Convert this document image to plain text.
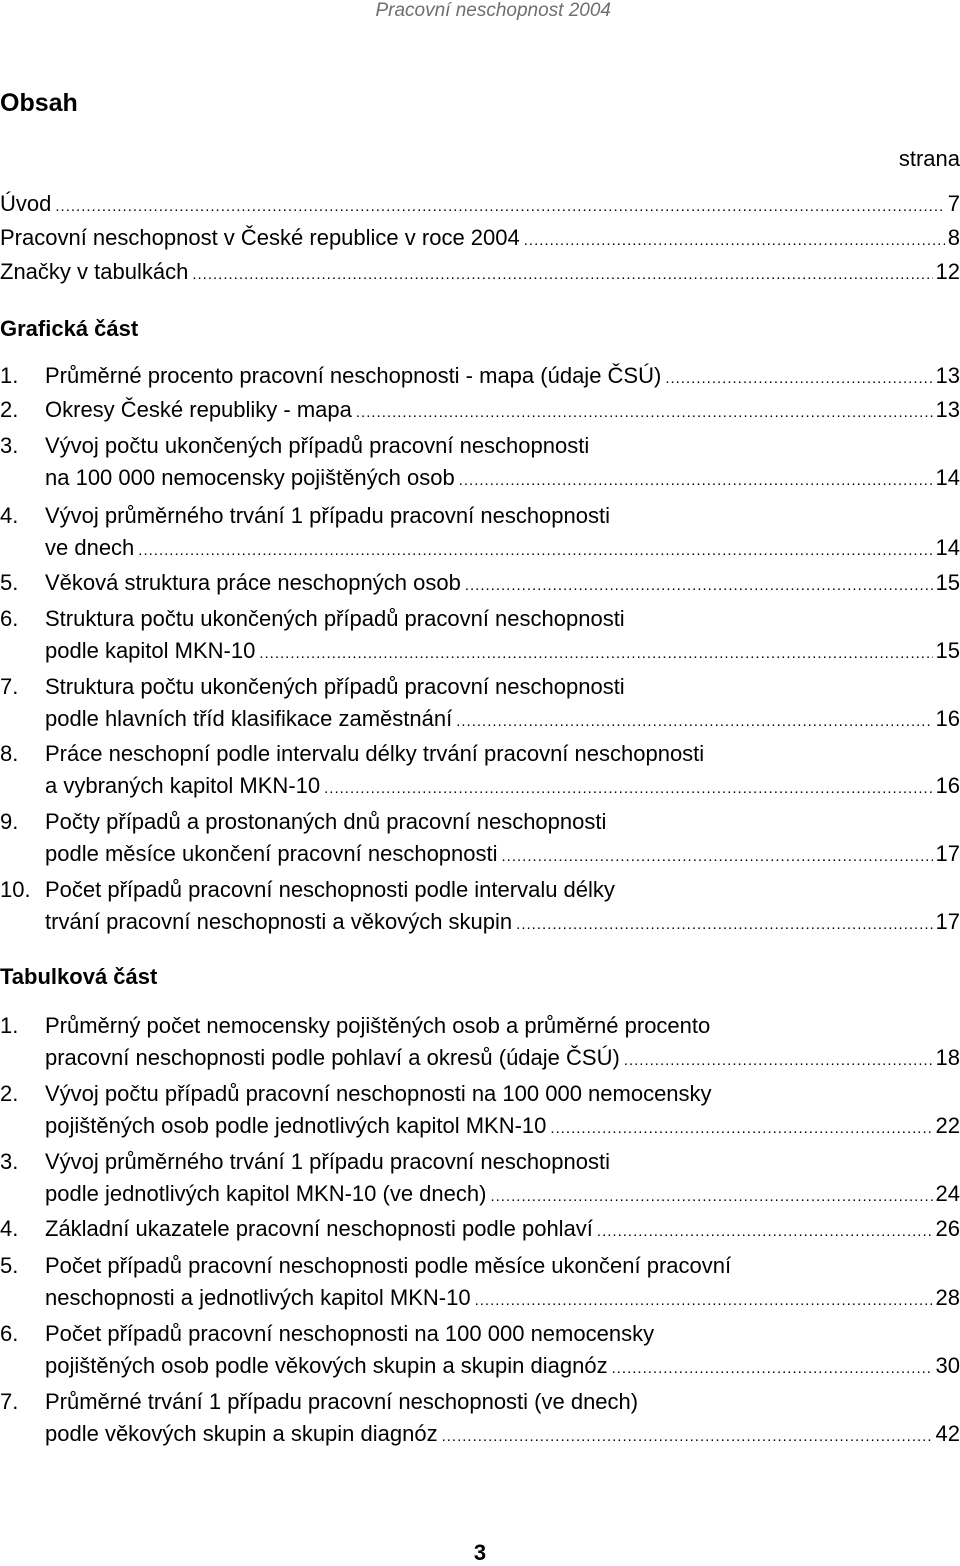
Pracovní neschopnost 2004
Obsah
strana
Úvod .....	7
Pracovní neschopnost v České republice v roce 2004 .....	8
Značky v tabulkách .....	12
Grafická část
1.	Průměrné procento pracovní neschopnosti - mapa (údaje ČSÚ) .....	13
2.	Okresy České republiky - mapa .....	13
3.	Vývoj počtu ukončených případů pracovní neschopnosti
na 100 000 nemocensky pojištěných osob .....	14
4.	Vývoj průměrného trvání 1 případu pracovní neschopnosti
ve dnech .....	14
5.	Věková struktura práce neschopných osob .....	15
6.	Struktura počtu ukončených případů pracovní neschopnosti
podle kapitol MKN-10 .....	15
7.	Struktura počtu ukončených případů pracovní neschopnosti
podle hlavních tříd klasifikace zaměstnání .....	16
8.	Práce neschopní podle intervalu délky trvání pracovní neschopnosti
a vybraných kapitol MKN-10 .....	16
9.	Počty případů a prostonaných dnů pracovní neschopnosti
podle měsíce ukončení pracovní neschopnosti .....	17
10. Počet případů pracovní neschopnosti podle intervalu délky
trvání pracovní neschopnosti a věkových skupin .....	17
Tabulková část
1.	Průměrný počet nemocensky pojištěných osob a průměrné procento
pracovní neschopnosti podle pohlaví a okresů (údaje ČSÚ) .....	18
2.	Vývoj počtu případů pracovní neschopnosti na 100 000 nemocensky
pojištěných osob podle jednotlivých kapitol MKN-10 .....	22
3.	Vývoj průměrného trvání 1 případu pracovní neschopnosti
podle jednotlivých kapitol MKN-10 (ve dnech) .....	24
4.	Základní ukazatele pracovní neschopnosti podle pohlaví .....	26
5.	Počet případů pracovní neschopnosti podle měsíce ukončení pracovní
neschopnosti a jednotlivých kapitol MKN-10 .....	28
6.	Počet případů pracovní neschopnosti na 100 000 nemocensky
pojištěných osob podle věkových skupin a skupin diagnóz .....	30
7.	Průměrné trvání 1 případu pracovní neschopnosti (ve dnech)
podle věkových skupin a skupin diagnóz .....	42
3
